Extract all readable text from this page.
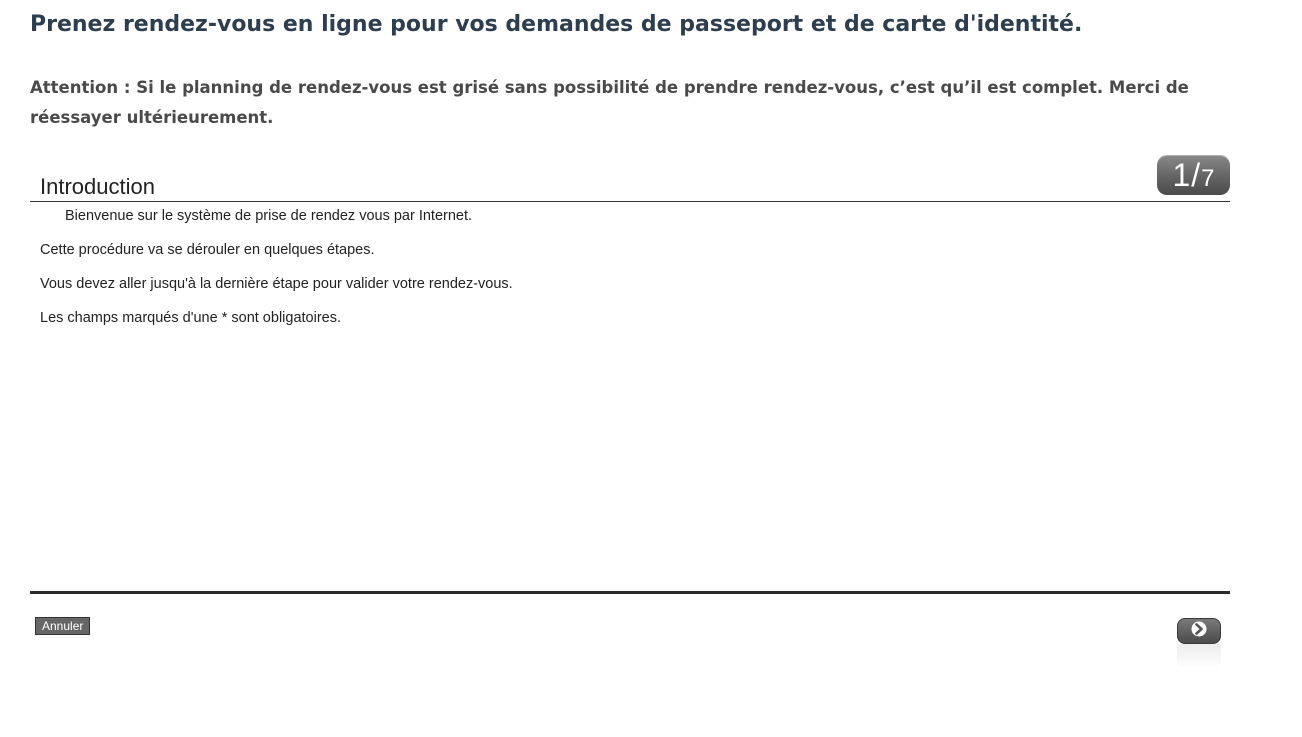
Prenez rendez-vous en ligne pour vos demandes de passeport et de carte d'identité.

Attention : Si le planning de rendez-vous est grisé sans possibilité de prendre rendez-vous, c’est qu’il est complet. Merci de réessayer ultérieurement.

Introduction	1 / 7

Bienvenue sur le système de prise de rendez vous par Internet.

Cette procédure va se dérouler en quelques étapes.

Vous devez aller jusqu'à la dernière étape pour valider votre rendez-vous.

Les champs marqués d'une * sont obligatoires.

Annuler
